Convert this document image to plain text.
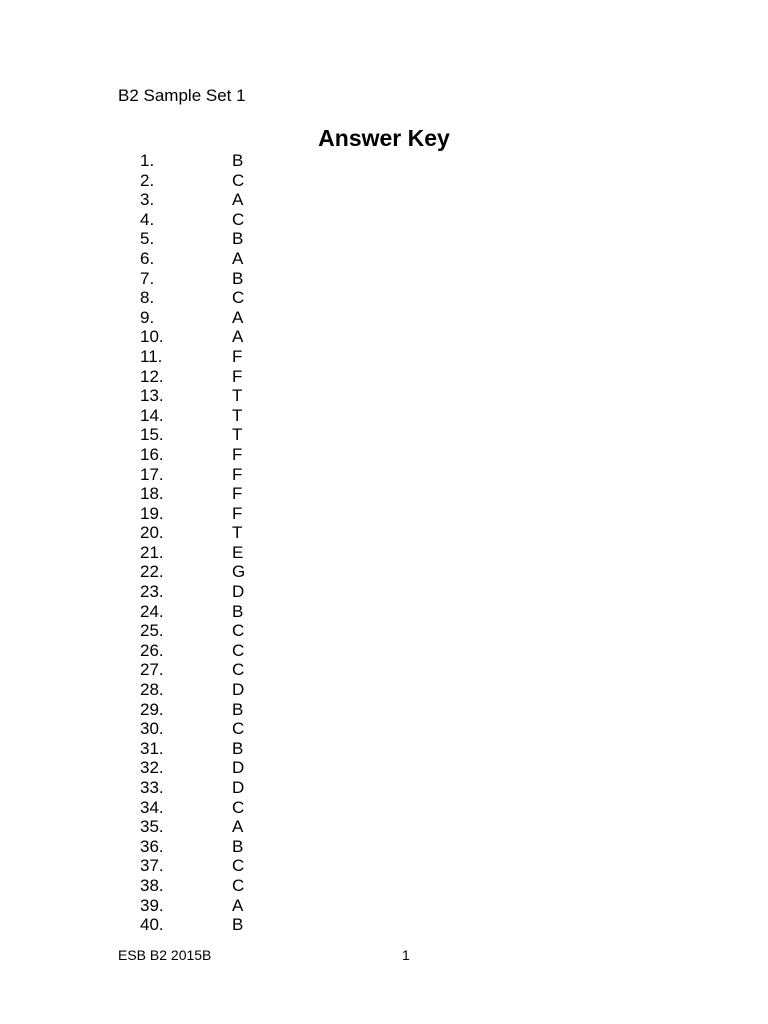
B2 Sample Set 1
Answer Key
1.	B
2.	C
3.	A
4.	C
5.	B
6.	A
7.	B
8.	C
9.	A
10.	A
11.	F
12.	F
13.	T
14.	T
15.	T
16.	F
17.	F
18.	F
19.	F
20.	T
21.	E
22.	G
23.	D
24.	B
25.	C
26.	C
27.	C
28.	D
29.	B
30.	C
31.	B
32.	D
33.	D
34.	C
35.	A
36.	B
37.	C
38.	C
39.	A
40.	B
ESB B2 2015B	1
